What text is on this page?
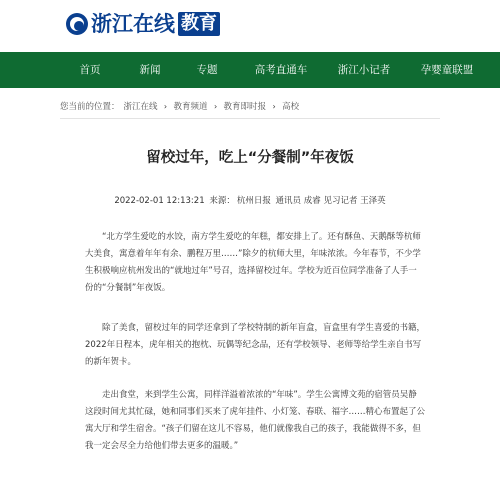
浙江在线 教育
首页	新闻	专题	高考直通车	浙江小记者	孕婴童联盟
您当前的位置： 浙江在线 › 教育频道 › 教育即时报 › 高校
留校过年，吃上“分餐制”年夜饭
2022-02-01 12:13:21 来源： 杭州日报 通讯员 成睿 见习记者 王泽英

“北方学生爱吃的水饺，南方学生爱吃的年糕，都安排上了。还有酥鱼、天鹅酥等杭师大美食，寓意着年年有余、鹏程万里……”除夕的杭师大里，年味浓浓。今年春节，不少学生积极响应杭州发出的“就地过年”号召，选择留校过年。学校为近百位同学准备了人手一份的“分餐制”年夜饭。

除了美食，留校过年的同学还拿到了学校特制的新年盲盒，盲盒里有学生喜爱的书籍，2022年日程本，虎年相关的抱枕、玩偶等纪念品，还有学校领导、老师等给学生亲自书写的新年贺卡。

走出食堂，来到学生公寓，同样洋溢着浓浓的“年味”。学生公寓博文苑的宿管员吴静这段时间尤其忙碌，她和同事们买来了虎年挂件、小灯笼、春联、福字……精心布置起了公寓大厅和学生宿舍。“孩子们留在这儿不容易，他们就像我自己的孩子，我能做得不多，但我一定会尽全力给他们带去更多的温暖。”
